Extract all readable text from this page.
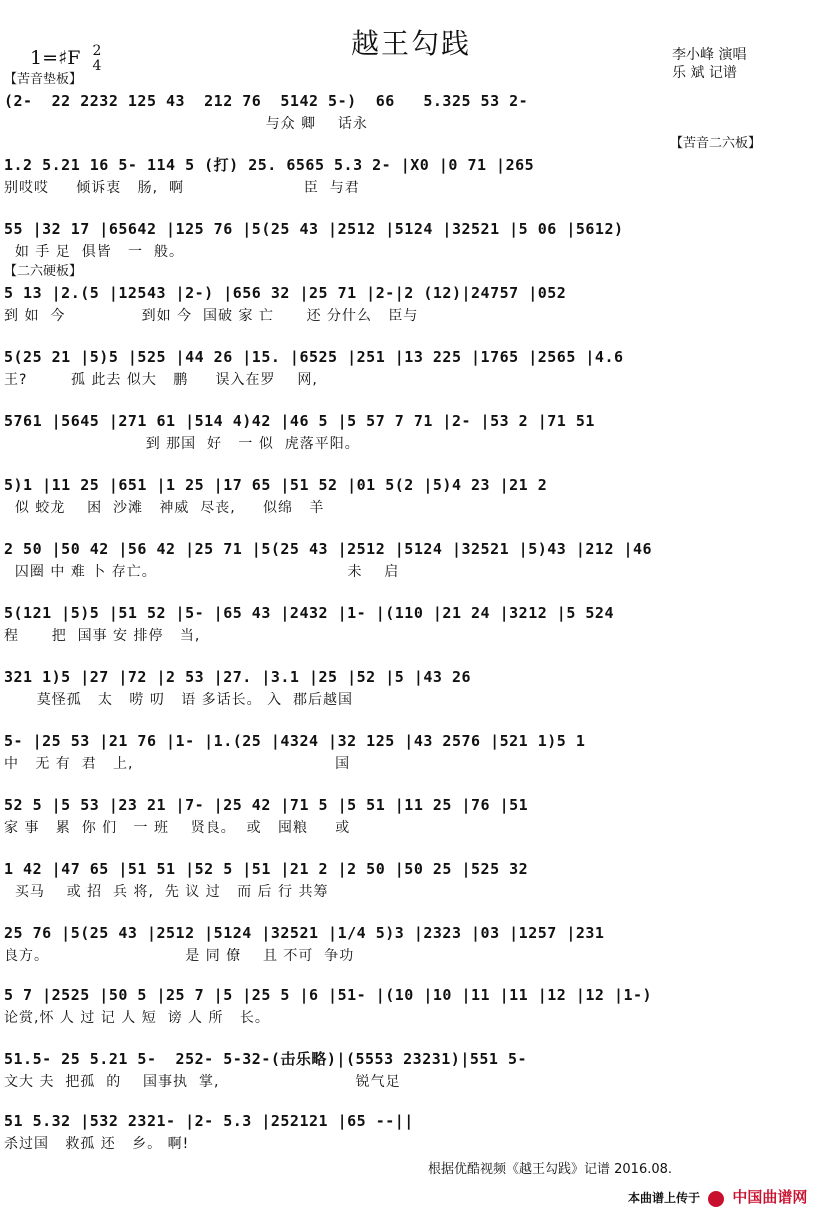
越王勾践
1=♯F 2
4
李小峰 演唱
乐 斌 记谱
【苦音垫板】
(2-  22 2232 125 43  212 76  5142 5-)  66   5.325 53 2-
与众 卿    话永
【苦音二六板】
1.2 5.21 16 5- 114 5 (打) 25. 6565 5.3 2- |X0 |0 71 |265
别哎哎     倾诉衷   肠,  啊                      臣  与君
55 |32 17 |65642 |125 76 |5(25 43 |2512 |5124 |32521 |5 06 |5612)
如 手 足  俱皆   一  般。
【二六硬板】
5 13 |2.(5 |12543 |2-) |656 32 |25 71 |2-|2 (12)|24757 |052
到 如  今              到如 今  国破 家 亡      还 分什么   臣与
5(25 21 |5)5 |525 |44 26 |15. |6525 |251 |13 225 |1765 |2565 |4.6
王?        孤 此去 似大   鹏     误入在罗    网,
5761 |5645 |271 61 |514 4)42 |46 5 |5 57 7 71 |2- |53 2 |71 51
到 那国  好   一 似  虎落平阳。
5)1 |11 25 |651 |1 25 |17 65 |51 52 |01 5(2 |5)4 23 |21 2
似 蛟龙    困  沙滩   神威  尽丧,     似绵   羊
2 50 |50 42 |56 42 |25 71 |5(25 43 |2512 |5124 |32521 |5)43 |212 |46
囚圈 中 难 卜 存亡。                                   未    启
5(121 |5)5 |51 52 |5- |65 43 |2432 |1- |(110 |21 24 |3212 |5 524
程      把  国事 安 排停   当,
321 1)5 |27 |72 |2 53 |27. |3.1 |25 |52 |5 |43 26
莫怪孤   太   唠 叨   语 多话长。 入  郡后越国
5- |25 53 |21 76 |1- |1.(25 |4324 |32 125 |43 2576 |521 1)5 1
中   无 有  君   上,                                     国
52 5 |5 53 |23 21 |7- |25 42 |71 5 |5 51 |11 25 |76 |51
家 事   累  你 们   一 班    贤良。  或   囤粮     或
1 42 |47 65 |51 51 |52 5 |51 |21 2 |2 50 |50 25 |525 32
买马    或 招  兵 将,  先 议 过   而 后 行 共筹
25 76 |5(25 43 |2512 |5124 |32521 |1/4 5)3 |2323 |03 |1257 |231
良方。                         是 同 僚    且 不可  争功
5 7 |2525 |50 5 |25 7 |5 |25 5 |6 |51- |(10 |10 |11 |11 |12 |12 |1-)
论赏,怀 人 过 记 人 短  谤 人 所   长。
51.5- 25 5.21 5-  252- 5-32-(击乐略)|(5553 23231)|551 5-
文大 夫  把孤  的    国事执  掌,                         锐气足
51 5.32 |532 2321- |2- 5.3 |252121 |65 --||
杀过国   救孤 还   乡。 啊!
根据优酷视频《越王勾践》记谱 2016.08.
本曲谱上传于 中国曲谱网
